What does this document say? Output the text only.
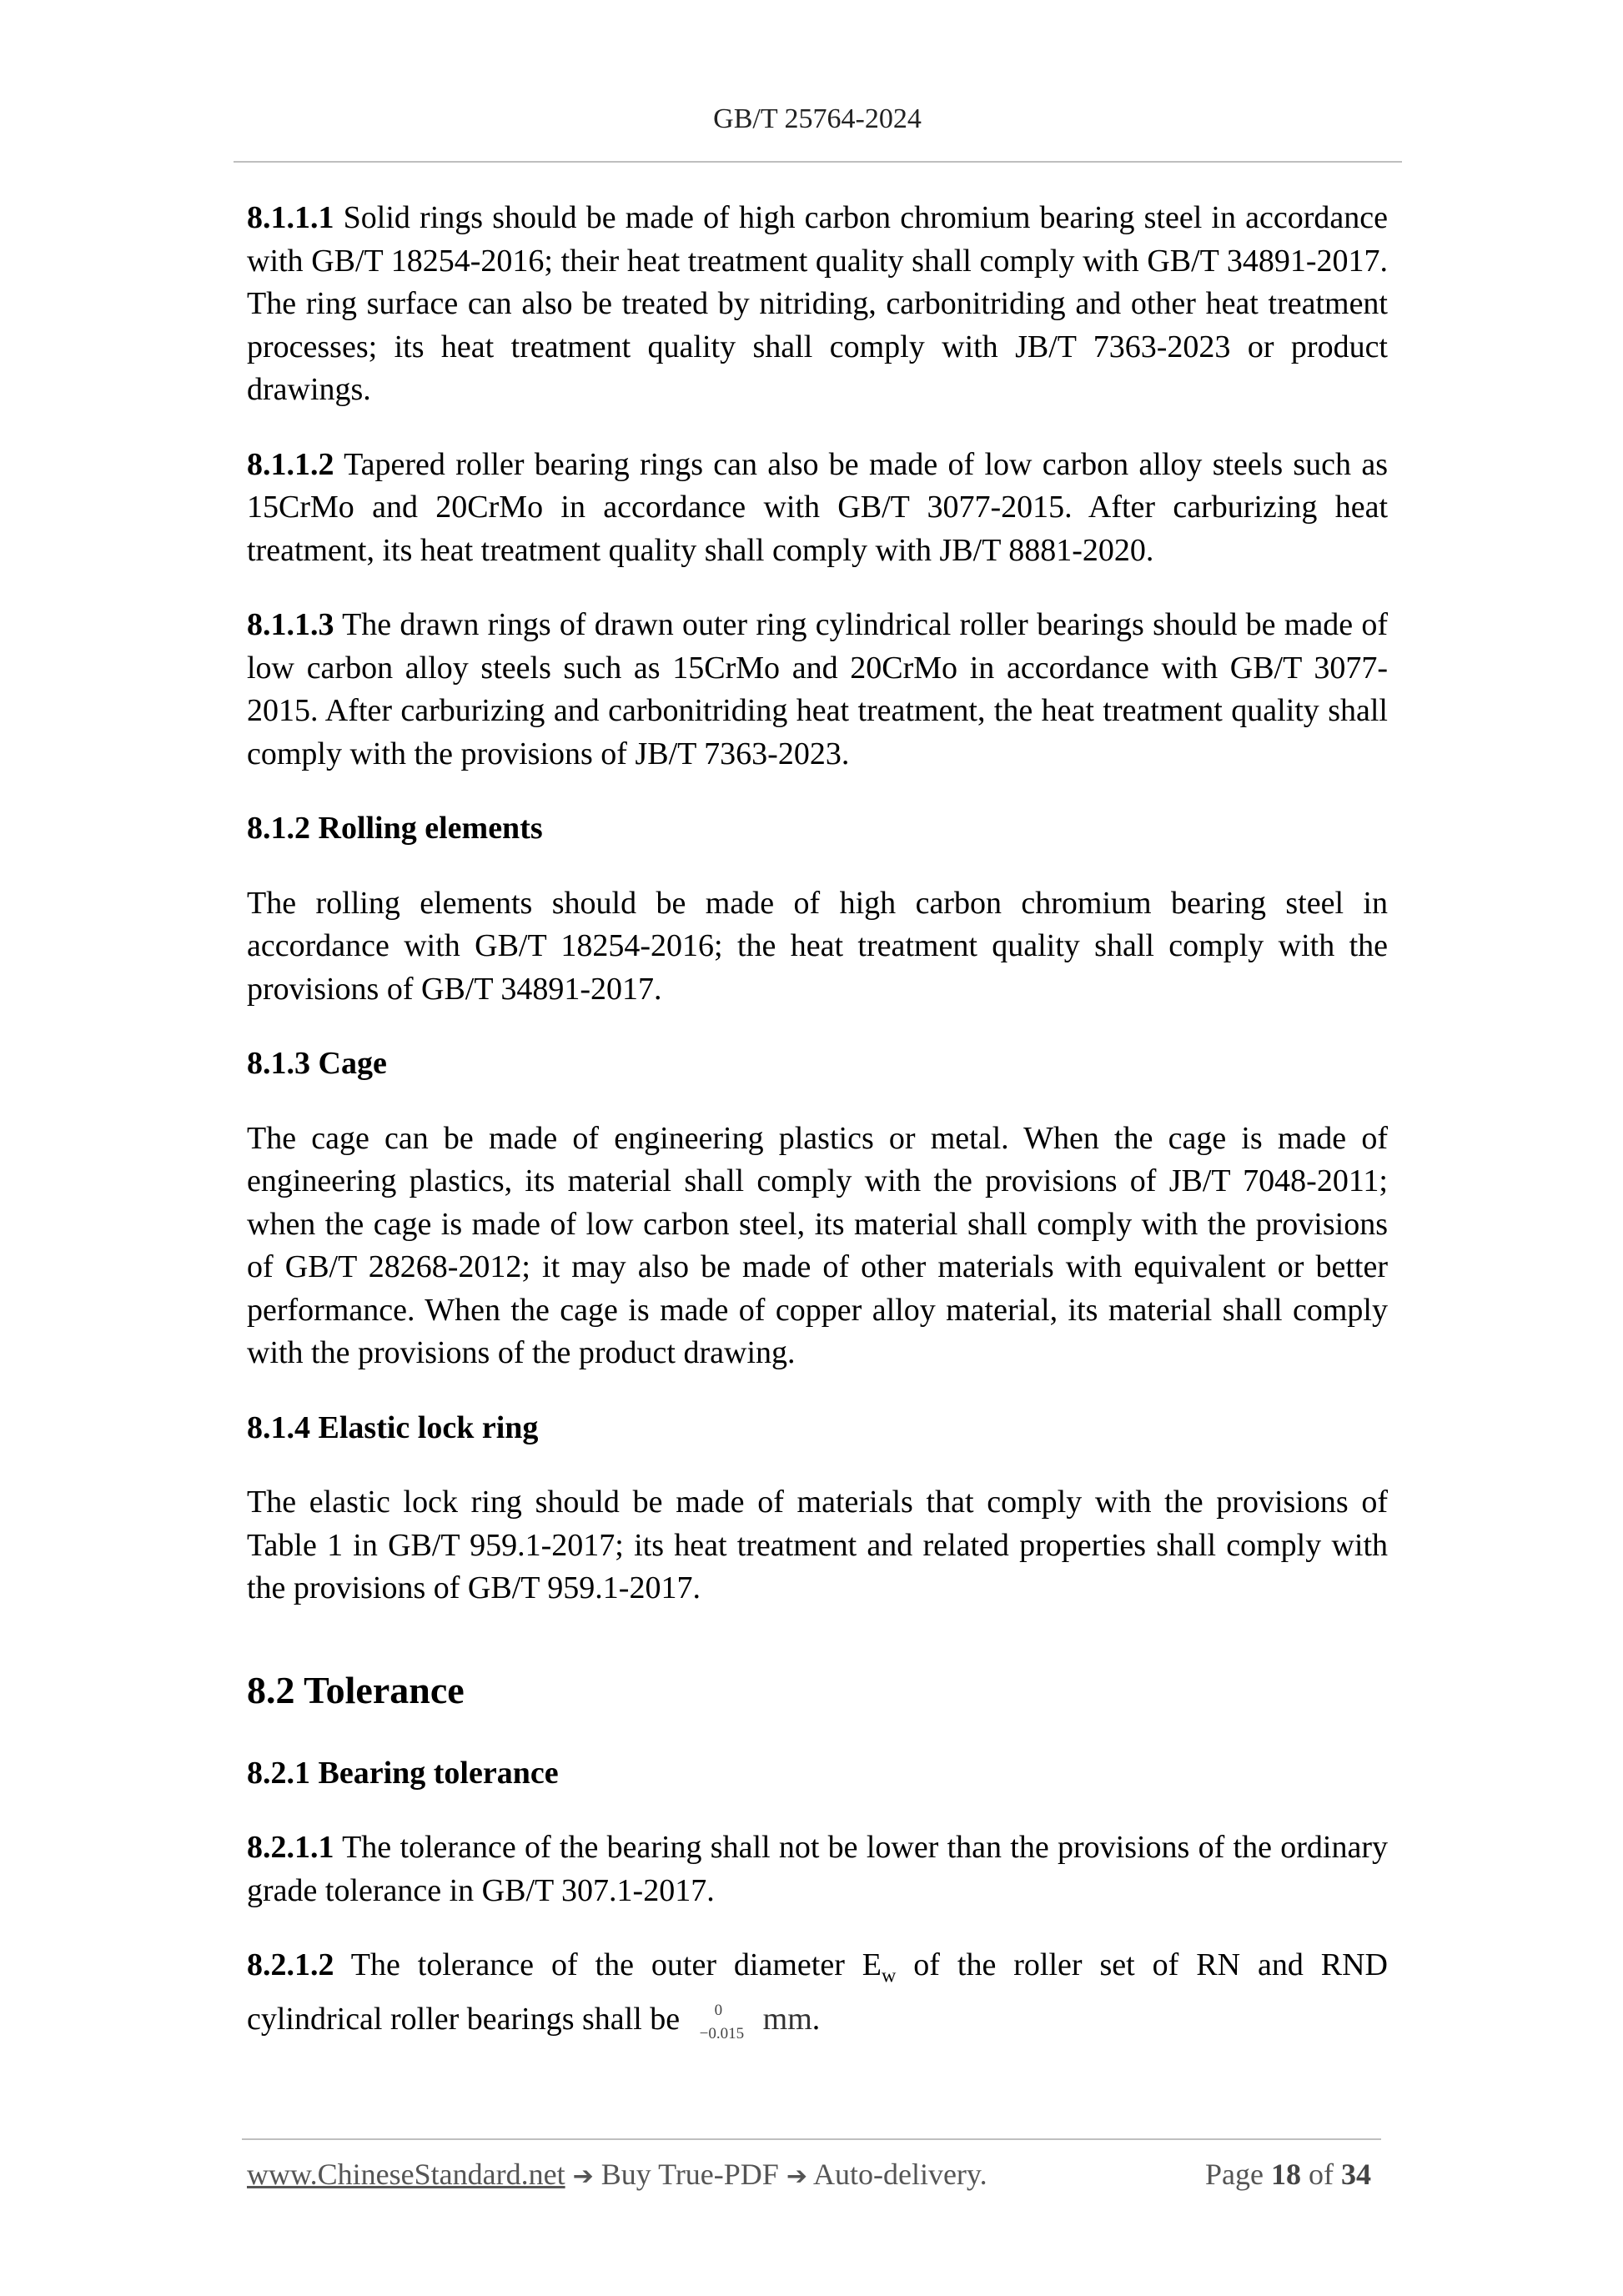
GB/T 25764-2024

8.1.1.1 Solid rings should be made of high carbon chromium bearing steel in accordance with GB/T 18254-2016; their heat treatment quality shall comply with GB/T 34891-2017. The ring surface can also be treated by nitriding, carbonitriding and other heat treatment processes; its heat treatment quality shall comply with JB/T 7363-2023 or product drawings.

8.1.1.2 Tapered roller bearing rings can also be made of low carbon alloy steels such as 15CrMo and 20CrMo in accordance with GB/T 3077-2015. After carburizing heat treatment, its heat treatment quality shall comply with JB/T 8881-2020.

8.1.1.3 The drawn rings of drawn outer ring cylindrical roller bearings should be made of low carbon alloy steels such as 15CrMo and 20CrMo in accordance with GB/T 3077-2015. After carburizing and carbonitriding heat treatment, the heat treatment quality shall comply with the provisions of JB/T 7363-2023.

8.1.2 Rolling elements

The rolling elements should be made of high carbon chromium bearing steel in accordance with GB/T 18254-2016; the heat treatment quality shall comply with the provisions of GB/T 34891-2017.

8.1.3 Cage

The cage can be made of engineering plastics or metal. When the cage is made of engineering plastics, its material shall comply with the provisions of JB/T 7048-2011; when the cage is made of low carbon steel, its material shall comply with the provisions of GB/T 28268-2012; it may also be made of other materials with equivalent or better performance. When the cage is made of copper alloy material, its material shall comply with the provisions of the product drawing.

8.1.4 Elastic lock ring

The elastic lock ring should be made of materials that comply with the provisions of Table 1 in GB/T 959.1-2017; its heat treatment and related properties shall comply with the provisions of GB/T 959.1-2017.

8.2 Tolerance
8.2.1 Bearing tolerance

8.2.1.1 The tolerance of the bearing shall not be lower than the provisions of the ordinary grade tolerance in GB/T 307.1-2017.

8.2.1.2 The tolerance of the outer diameter $E_w$ of the roller set of RN and RND cylindrical roller bearings shall be 0
−0.015 mm.

www.ChineseStandard.net ➔ Buy True-PDF ➔ Auto-delivery.	Page 18 of 34
